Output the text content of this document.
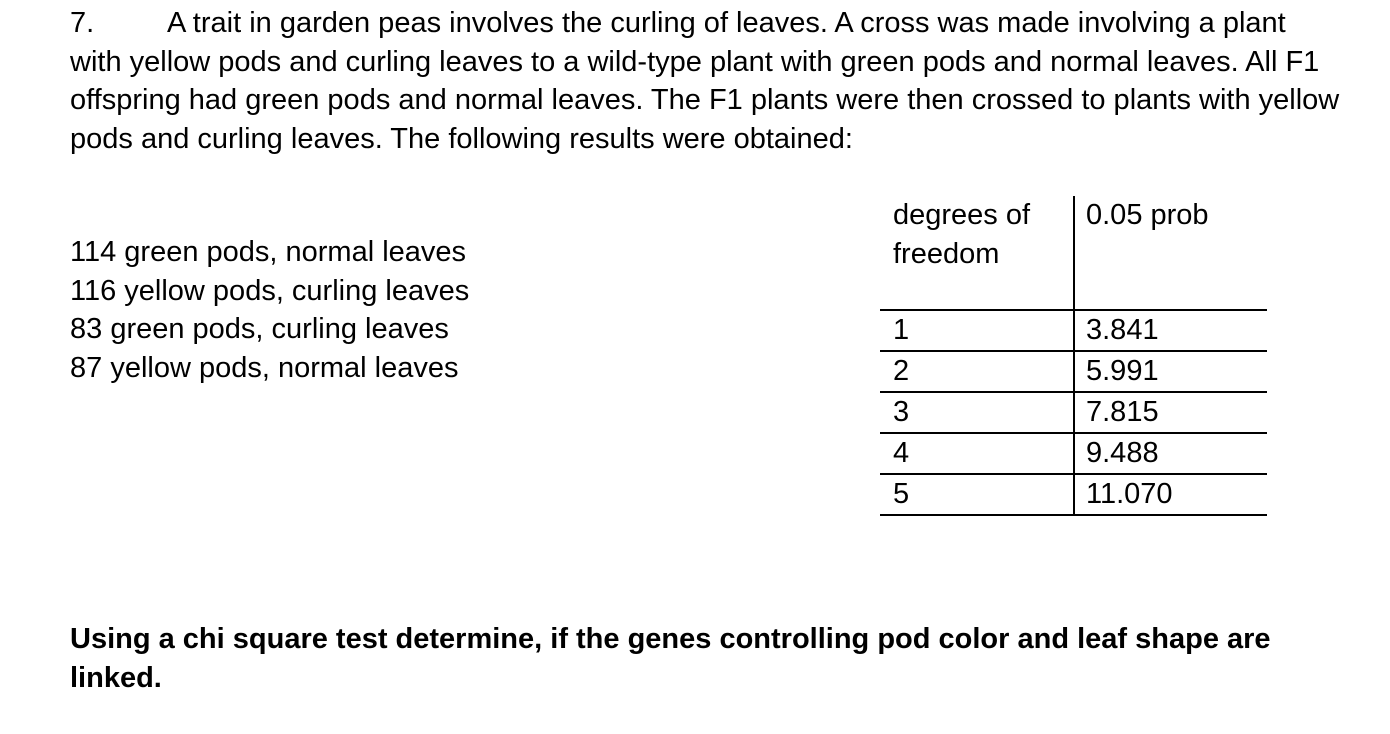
7.	A trait in garden peas involves the curling of leaves. A cross was made involving a plant with yellow pods and curling leaves to a wild-type plant with green pods and normal leaves. All F1 offspring had green pods and normal leaves. The F1 plants were then crossed to plants with yellow pods and curling leaves. The following results were obtained:

114 green pods, normal leaves
116 yellow pods, curling leaves
83 green pods, curling leaves
87 yellow pods, normal leaves
degrees of freedom	0.05 prob
1	3.841
2	5.991
3	7.815
4	9.488
5	11.070

Using a chi square test determine, if the genes controlling pod color and leaf shape are linked.
